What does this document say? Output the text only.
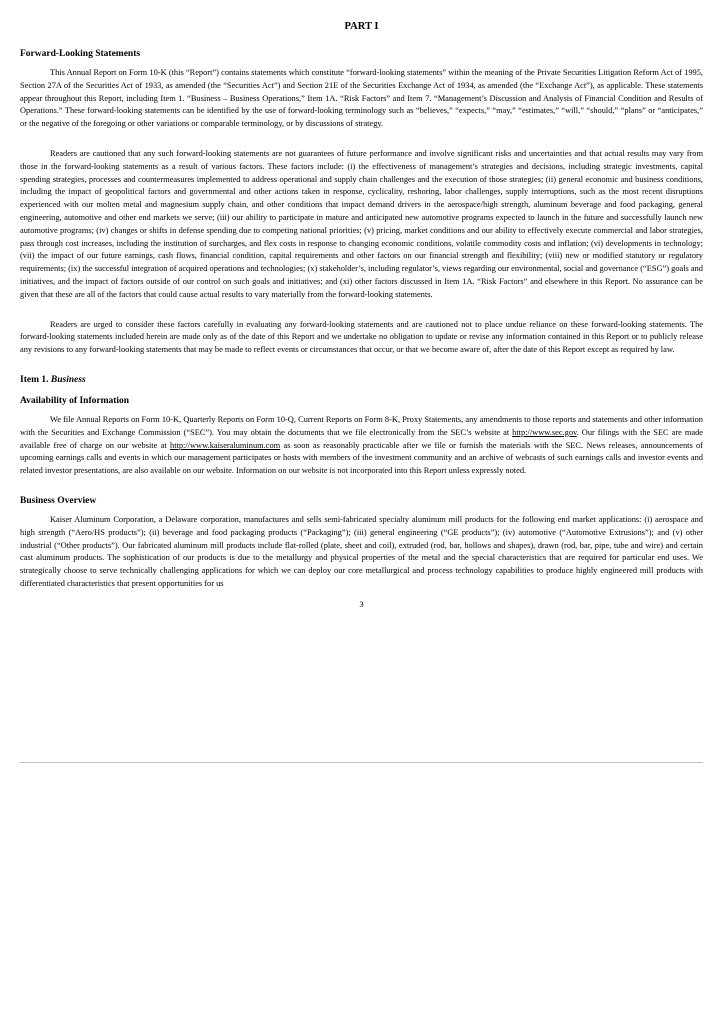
PART I
Forward-Looking Statements

This Annual Report on Form 10-K (this “Report”) contains statements which constitute “forward-looking statements” within the meaning of the Private Securities Litigation Reform Act of 1995, Section 27A of the Securities Act of 1933, as amended (the “Securities Act”) and Section 21E of the Securities Exchange Act of 1934, as amended (the “Exchange Act”), as applicable. These statements appear throughout this Report, including Item 1. “Business – Business Operations,” Item 1A. “Risk Factors” and Item 7. “Management’s Discussion and Analysis of Financial Condition and Results of Operations.” These forward-looking statements can be identified by the use of forward-looking terminology such as “believes,” “expects,” “may,” “estimates,” “will,” “should,” “plans” or “anticipates,” or the negative of the foregoing or other variations or comparable terminology, or by discussions of strategy.

Readers are cautioned that any such forward-looking statements are not guarantees of future performance and involve significant risks and uncertainties and that actual results may vary from those in the forward-looking statements as a result of various factors. These factors include: (i) the effectiveness of management’s strategies and decisions, including strategic investments, capital spending strategies, processes and countermeasures implemented to address operational and supply chain challenges and the execution of those strategies; (ii) general economic and business conditions, including the impact of geopolitical factors and governmental and other actions taken in response, cyclicality, reshoring, labor challenges, supply interruptions, such as the most recent disruptions experienced with our molten metal and magnesium supply chain, and other conditions that impact demand drivers in the aerospace/high strength, aluminum beverage and food packaging, general engineering, automotive and other end markets we serve; (iii) our ability to participate in mature and anticipated new automotive programs expected to launch in the future and successfully launch new automotive programs; (iv) changes or shifts in defense spending due to competing national priorities; (v) pricing, market conditions and our ability to effectively execute commercial and labor strategies, pass through cost increases, including the institution of surcharges, and flex costs in response to changing economic conditions, volatile commodity costs and inflation; (vi) developments in technology; (vii) the impact of our future earnings, cash flows, financial condition, capital requirements and other factors on our financial strength and flexibility; (viii) new or modified statutory or regulatory requirements; (ix) the successful integration of acquired operations and technologies; (x) stakeholder’s, including regulator’s, views regarding our environmental, social and governance (“ESG”) goals and initiatives, and the impact of factors outside of our control on such goals and initiatives; and (xi) other factors discussed in Item 1A. “Risk Factors” and elsewhere in this Report. No assurance can be given that these are all of the factors that could cause actual results to vary materially from the forward-looking statements.

Readers are urged to consider these factors carefully in evaluating any forward-looking statements and are cautioned not to place undue reliance on these forward-looking statements. The forward-looking statements included herein are made only as of the date of this Report and we undertake no obligation to update or revise any information contained in this Report or to publicly release any revisions to any forward-looking statements that may be made to reflect events or circumstances that occur, or that we become aware of, after the date of this Report except as required by law.

Item 1. Business
Availability of Information

We file Annual Reports on Form 10-K, Quarterly Reports on Form 10-Q, Current Reports on Form 8-K, Proxy Statements, any amendments to those reports and statements and other information with the Securities and Exchange Commission (“SEC”). You may obtain the documents that we file electronically from the SEC’s website at http://www.sec.gov. Our filings with the SEC are made available free of charge on our website at http://www.kaiseraluminum.com as soon as reasonably practicable after we file or furnish the materials with the SEC. News releases, announcements of upcoming earnings calls and events in which our management participates or hosts with members of the investment community and an archive of webcasts of such earnings calls and investor events and related investor presentations, are also available on our website. Information on our website is not incorporated into this Report unless expressly noted.

Business Overview

Kaiser Aluminum Corporation, a Delaware corporation, manufactures and sells semi-fabricated specialty aluminum mill products for the following end market applications: (i) aerospace and high strength (“Aero/HS products”); (ii) beverage and food packaging products (“Packaging”); (iii) general engineering (“GE products”); (iv) automotive (“Automotive Extrusions”); and (v) other industrial (“Other products”). Our fabricated aluminum mill products include flat-rolled (plate, sheet and coil), extruded (rod, bar, hollows and shapes), drawn (rod, bar, pipe, tube and wire) and certain cast aluminum products. The sophistication of our products is due to the metallurgy and physical properties of the metal and the special characteristics that are required for particular end uses. We strategically choose to serve technically challenging applications for which we can deploy our core metallurgical and process technology capabilities to produce highly engineered mill products with differentiated characteristics that present opportunities for us

3
